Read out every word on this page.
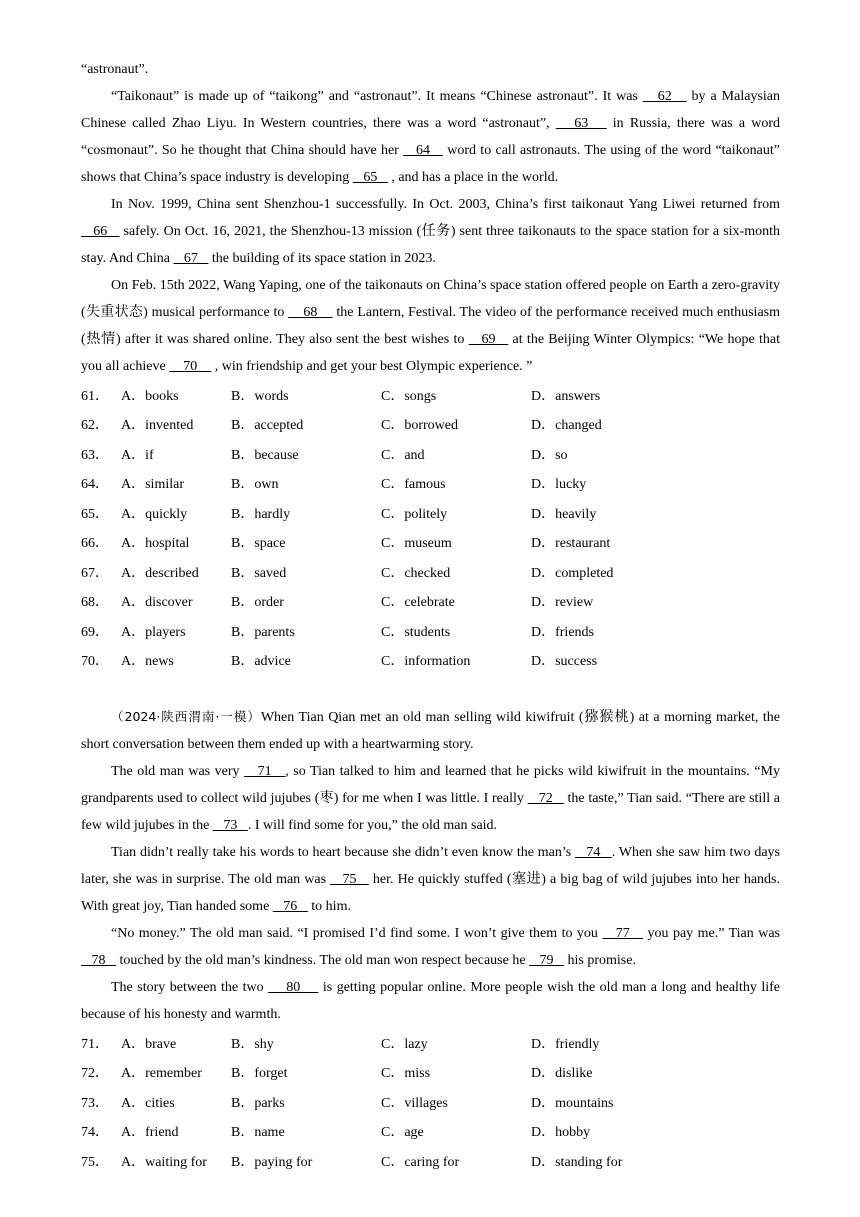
“astronaut”.

“Taikonaut” is made up of “taikong” and “astronaut”. It means “Chinese astronaut”. It was    62    by a Malaysian Chinese called Zhao Liyu. In Western countries, there was a word “astronaut”,    63    in Russia, there was a word “cosmonaut”. So he thought that China should have her    64    word to call astronauts. The using of the word “taikonaut” shows that China’s space industry is developing    65    , and has a place in the world.

In Nov. 1999, China sent Shenzhou-1 successfully. In Oct. 2003, China’s first taikonaut Yang Liwei returned from    66    safely. On Oct. 16, 2021, the Shenzhou-13 mission (任务) sent three taikonauts to the space station for a six-month stay. And China    67    the building of its space station in 2023.

On Feb. 15th 2022, Wang Yaping, one of the taikonauts on China’s space station offered people on Earth a zero-gravity (失重状态) musical performance to     68     the Lantern, Festival. The video of the performance received much enthusiasm (热情) after it was shared online. They also sent the best wishes to    69    at the Beijing Winter Olympics: “We hope that you all achieve     70     , win friendship and get your best Olympic experience. ”

61． A．books	B．words	C．songs	D．answers
62． A．invented	B．accepted	C．borrowed	D．changed
63． A．if	B．because	C．and	D．so
64． A．similar	B．own	C．famous	D．lucky
65． A．quickly	B．hardly	C．politely	D．heavily
66． A．hospital	B．space	C．museum	D．restaurant
67． A．described	B．saved	C．checked	D．completed
68． A．discover	B．order	C．celebrate	D．review
69． A．players	B．parents	C．students	D．friends
70． A．news	B．advice	C．information	D．success

（2024·陕西渭南·一模）When Tian Qian met an old man selling wild kiwifruit (猕猴桃) at a morning market, the short conversation between them ended up with a heartwarming story.

The old man was very    71   , so Tian talked to him and learned that he picks wild kiwifruit in the mountains. “My grandparents used to collect wild jujubes (枣) for me when I was little. I really    72    the taste,” Tian said. “There are still a few wild jujubes in the    73   . I will find some for you,” the old man said.

Tian didn’t really take his words to heart because she didn’t even know the man’s    74   . When she saw him two days later, she was in surprise. The old man was    75    her. He quickly stuffed (塞进) a big bag of wild jujubes into her hands. With great joy, Tian handed some    76    to him.

“No money.” The old man said. “I promised I’d find some. I won’t give them to you    77    you pay me.” Tian was    78    touched by the old man’s kindness. The old man won respect because he    79    his promise.

The story between the two     80     is getting popular online. More people wish the old man a long and healthy life because of his honesty and warmth.

71． A．brave	B．shy	C．lazy	D．friendly
72． A．remember	B．forget	C．miss	D．dislike
73． A．cities	B．parks	C．villages	D．mountains
74． A．friend	B．name	C．age	D．hobby
75． A．waiting for	B．paying for	C．caring for	D．standing for
